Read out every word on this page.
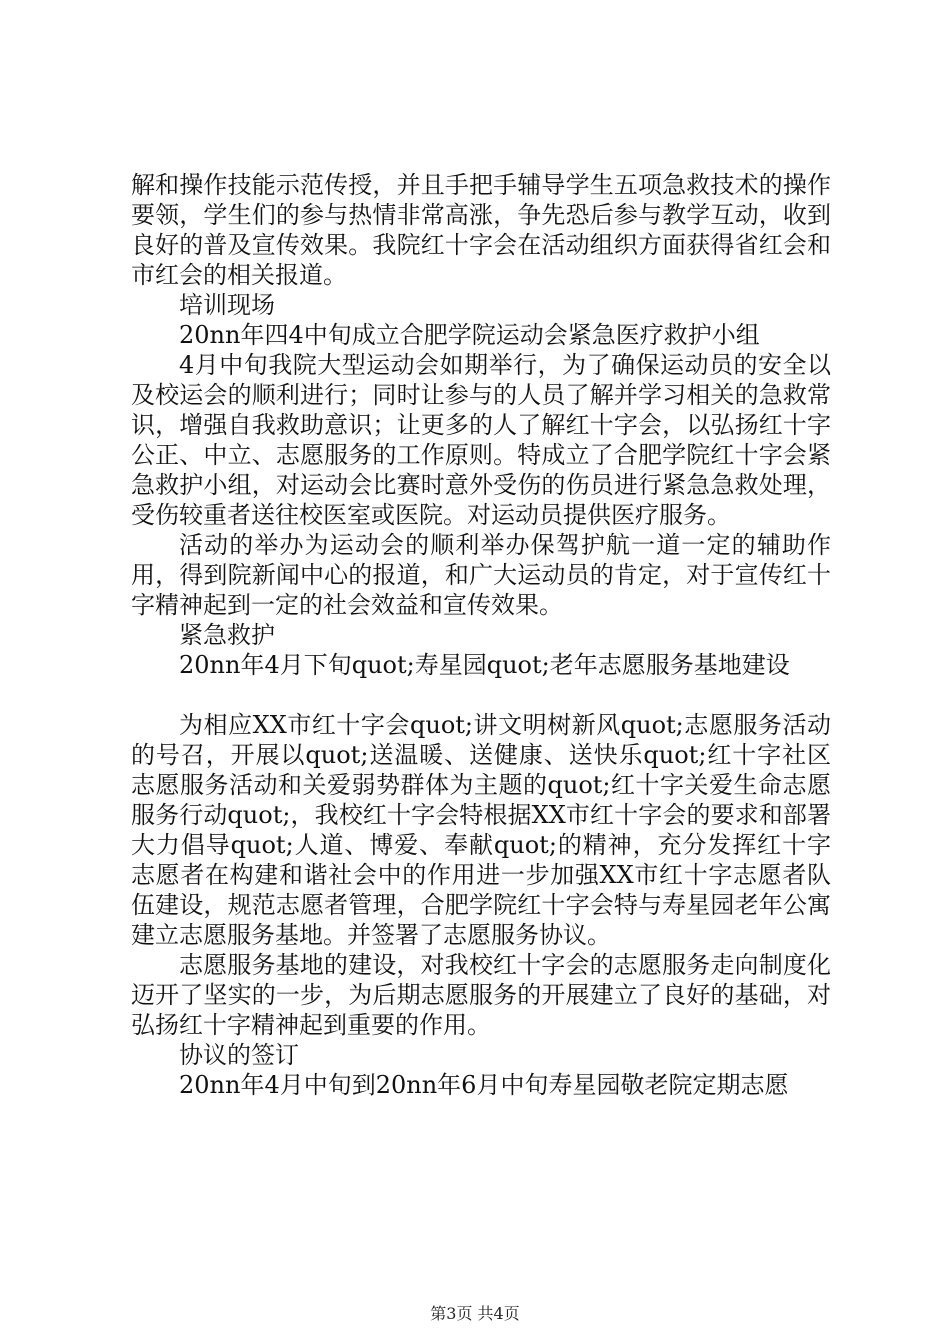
解和操作技能示范传授，并且手把手辅导学生五项急救技术的操作要领，学生们的参与热情非常高涨，争先恐后参与教学互动，收到良好的普及宣传效果。我院红十字会在活动组织方面获得省红会和市红会的相关报道。

培训现场

20nn年四4中旬成立合肥学院运动会紧急医疗救护小组

4月中旬我院大型运动会如期举行，为了确保运动员的安全以及校运会的顺利进行；同时让参与的人员了解并学习相关的急救常识，增强自我救助意识；让更多的人了解红十字会，以弘扬红十字公正、中立、志愿服务的工作原则。特成立了合肥学院红十字会紧急救护小组，对运动会比赛时意外受伤的伤员进行紧急急救处理，受伤较重者送往校医室或医院。对运动员提供医疗服务。

活动的举办为运动会的顺利举办保驾护航一道一定的辅助作用，得到院新闻中心的报道，和广大运动员的肯定，对于宣传红十字精神起到一定的社会效益和宣传效果。

紧急救护

20nn年4月下旬quot;寿星园quot;老年志愿服务基地建设

为相应XX市红十字会quot;讲文明树新风quot;志愿服务活动的号召，开展以quot;送温暖、送健康、送快乐quot;红十字社区志愿服务活动和关爱弱势群体为主题的quot;红十字关爱生命志愿服务行动quot;，我校红十字会特根据XX市红十字会的要求和部署大力倡导quot;人道、博爱、奉献quot;的精神，充分发挥红十字志愿者在构建和谐社会中的作用进一步加强XX市红十字志愿者队伍建设，规范志愿者管理，合肥学院红十字会特与寿星园老年公寓建立志愿服务基地。并签署了志愿服务协议。

志愿服务基地的建设，对我校红十字会的志愿服务走向制度化迈开了坚实的一步，为后期志愿服务的开展建立了良好的基础，对弘扬红十字精神起到重要的作用。

协议的签订

20nn年4月中旬到20nn年6月中旬寿星园敬老院定期志愿

第3页 共4页
